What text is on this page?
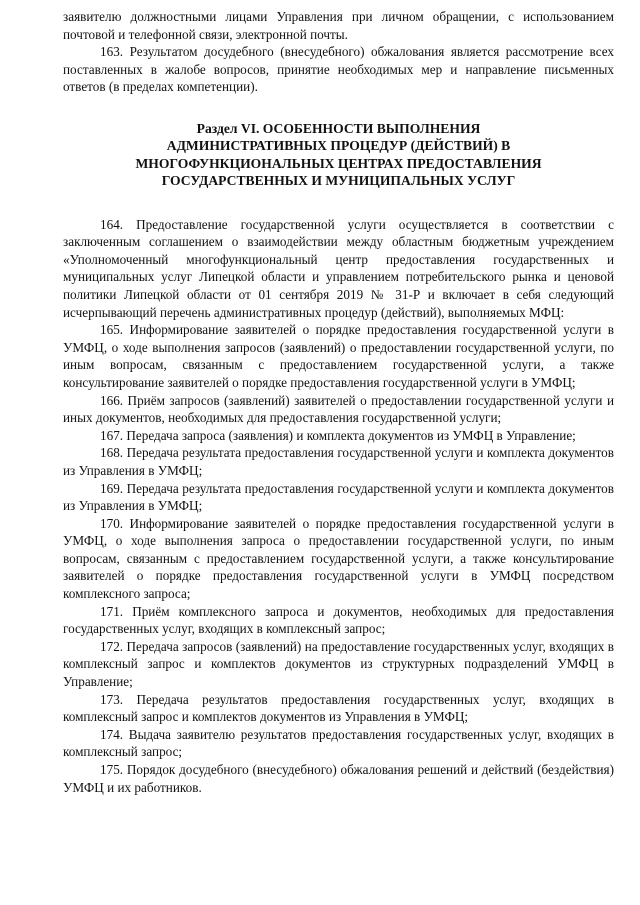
заявителю должностными лицами Управления при личном обращении, с использованием почтовой и телефонной связи, электронной почты.

163. Результатом досудебного (внесудебного) обжалования является рассмотрение всех поставленных в жалобе вопросов, принятие необходимых мер и направление письменных ответов (в пределах компетенции).

Раздел VI. ОСОБЕННОСТИ ВЫПОЛНЕНИЯ
АДМИНИСТРАТИВНЫХ ПРОЦЕДУР (ДЕЙСТВИЙ) В
МНОГОФУНКЦИОНАЛЬНЫХ ЦЕНТРАХ ПРЕДОСТАВЛЕНИЯ
ГОСУДАРСТВЕННЫХ И МУНИЦИПАЛЬНЫХ УСЛУГ

164. Предоставление государственной услуги осуществляется в соответствии с заключенным соглашением о взаимодействии между областным бюджетным учреждением «Уполномоченный многофункциональный центр предоставления государственных и муниципальных услуг Липецкой области и управлением потребительского рынка и ценовой политики Липецкой области от 01 сентября 2019 № 31-Р и включает в себя следующий исчерпывающий перечень административных процедур (действий), выполняемых МФЦ:

165. Информирование заявителей о порядке предоставления государственной услуги в УМФЦ, о ходе выполнения запросов (заявлений) о предоставлении государственной услуги, по иным вопросам, связанным с предоставлением государственной услуги, а также консультирование заявителей о порядке предоставления государственной услуги в УМФЦ;

166. Приём запросов (заявлений) заявителей о предоставлении государственной услуги и иных документов, необходимых для предоставления государственной услуги;

167. Передача запроса (заявления) и комплекта документов из УМФЦ в Управление;

168. Передача результата предоставления государственной услуги и комплекта документов из Управления в УМФЦ;

169. Передача результата предоставления государственной услуги и комплекта документов из Управления в УМФЦ;

170. Информирование заявителей о порядке предоставления государственной услуги в УМФЦ, о ходе выполнения запроса о предоставлении государственной услуги, по иным вопросам, связанным с предоставлением государственной услуги, а также консультирование заявителей о порядке предоставления государственной услуги в УМФЦ посредством комплексного запроса;

171. Приём комплексного запроса и документов, необходимых для предоставления государственных услуг, входящих в комплексный запрос;

172. Передача запросов (заявлений) на предоставление государственных услуг, входящих в комплексный запрос и комплектов документов из структурных подразделений УМФЦ в Управление;

173. Передача результатов предоставления государственных услуг, входящих в комплексный запрос и комплектов документов из Управления в УМФЦ;

174. Выдача заявителю результатов предоставления государственных услуг, входящих в комплексный запрос;

175. Порядок досудебного (внесудебного) обжалования решений и действий (бездействия) УМФЦ и их работников.
